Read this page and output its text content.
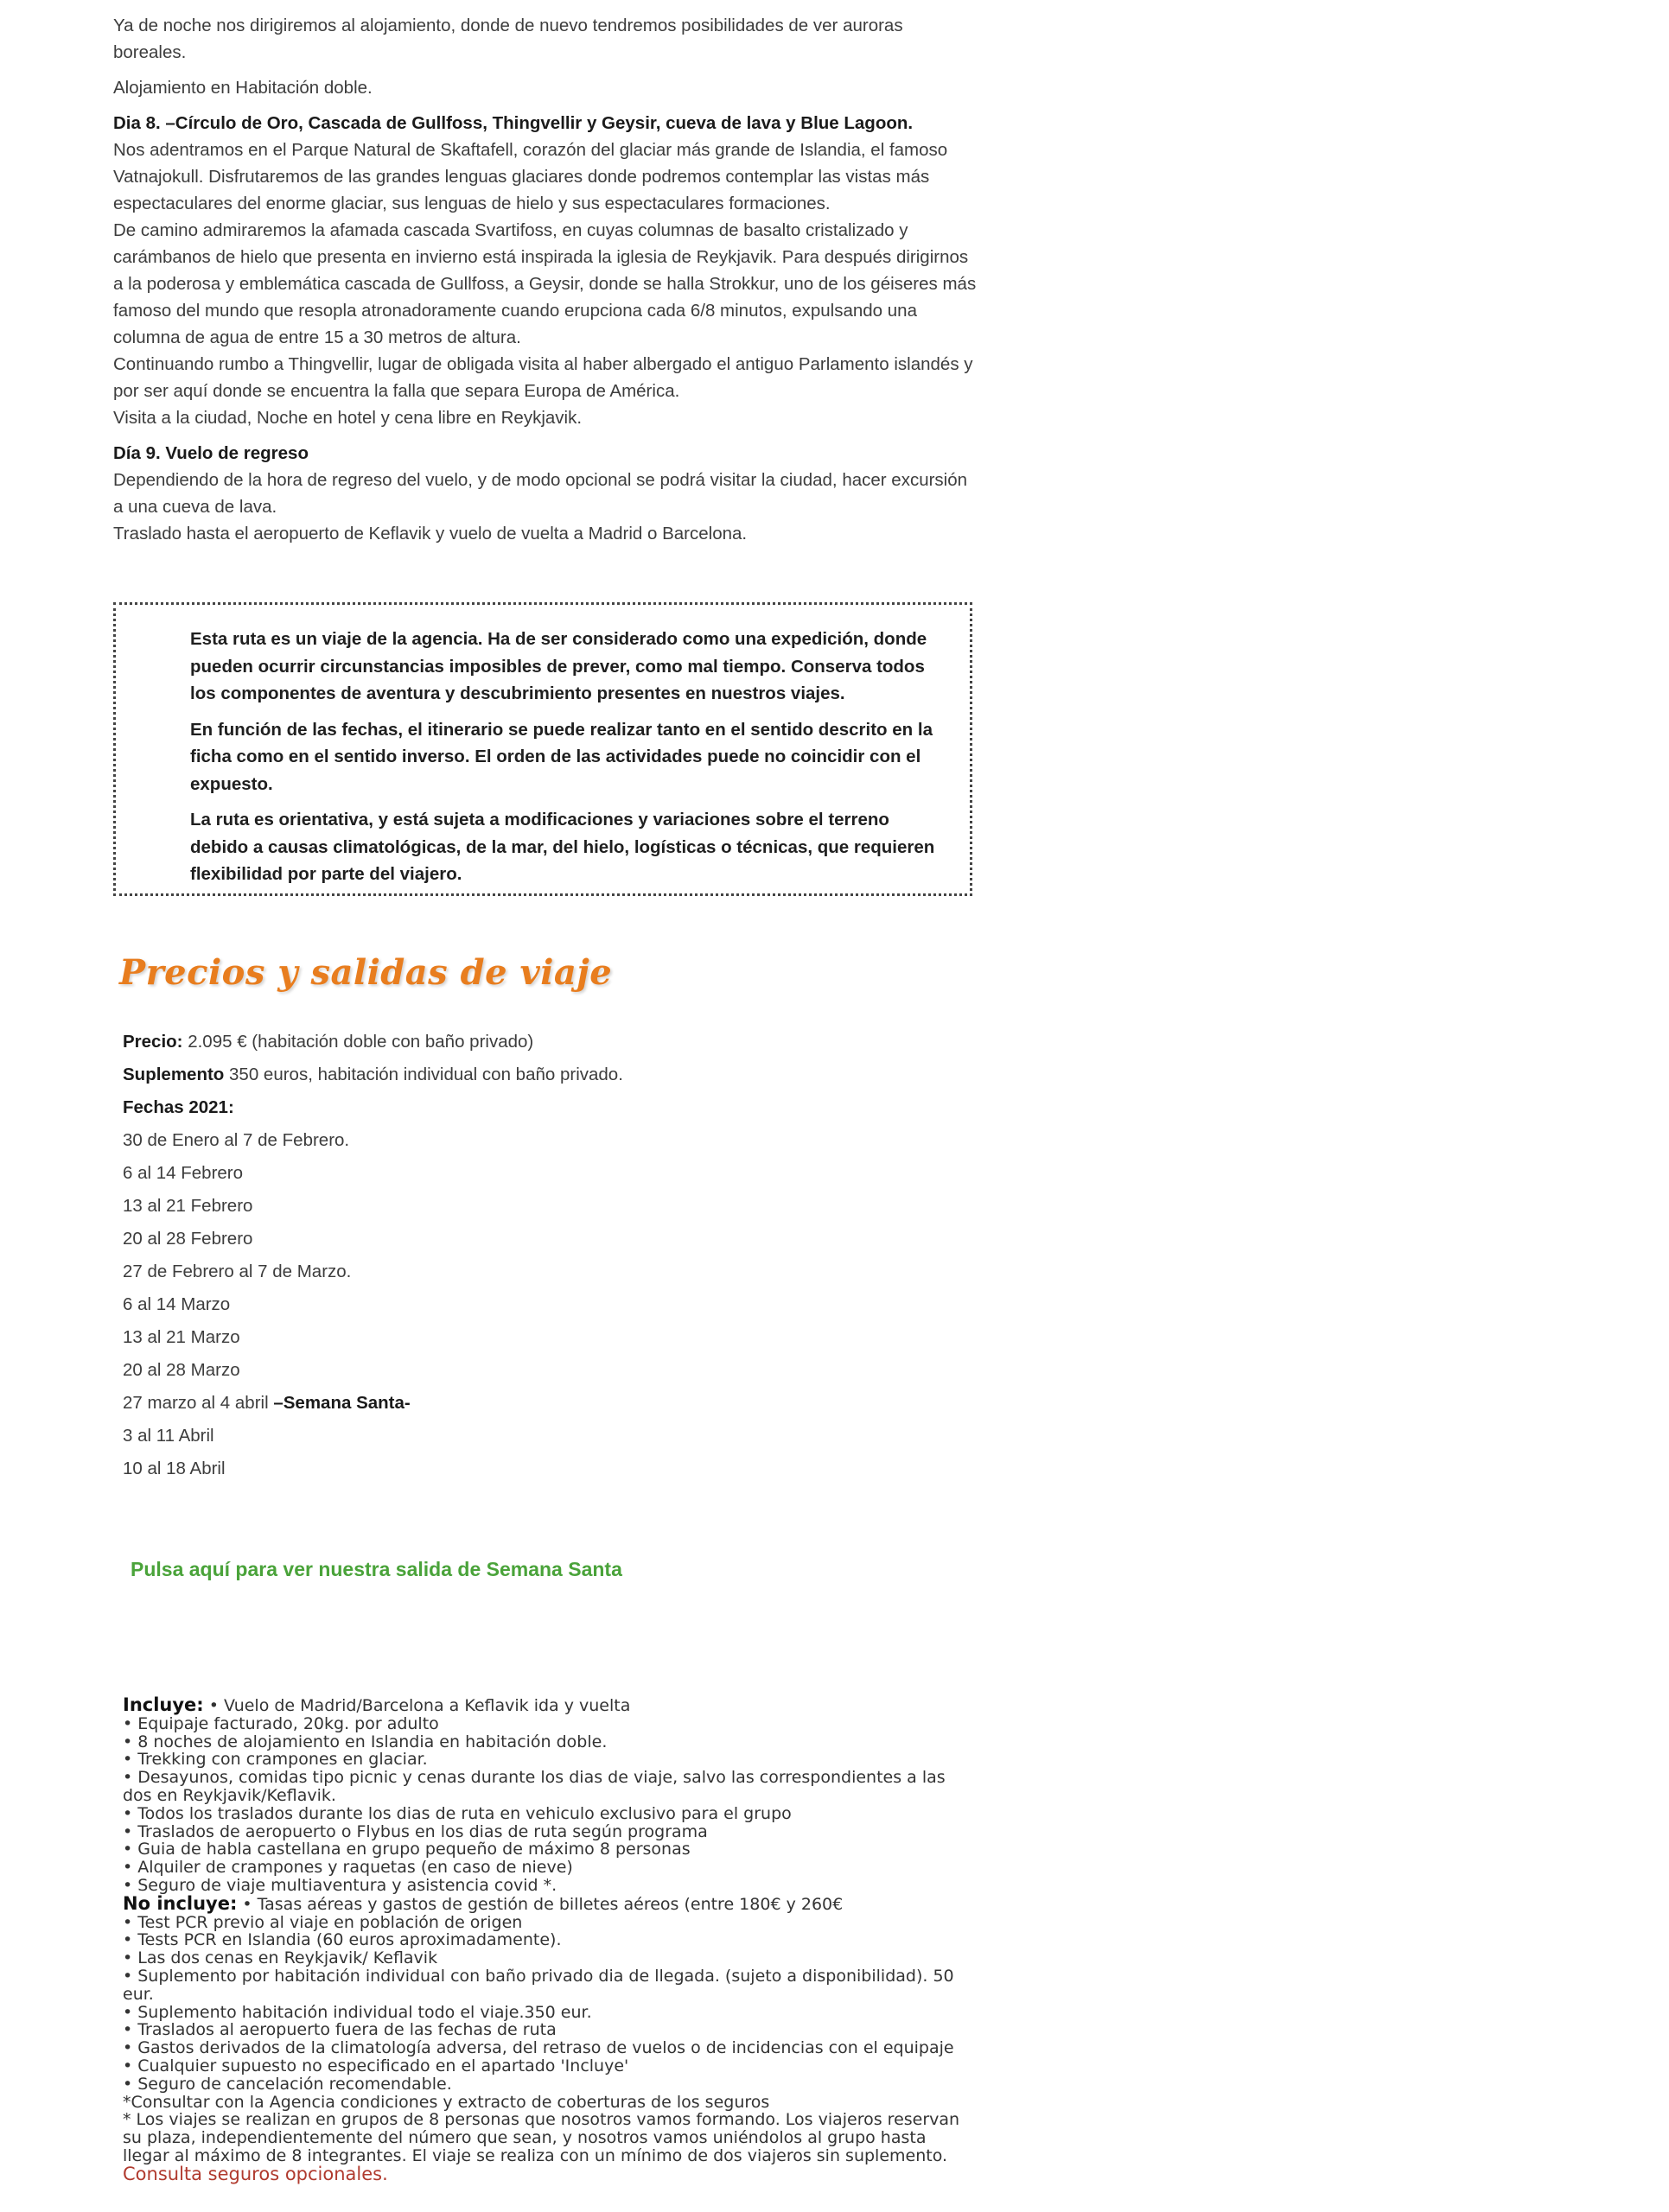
Ya de noche nos dirigiremos al alojamiento, donde de nuevo tendremos posibilidades de ver auroras boreales.

Alojamiento en Habitación doble.

Dia 8. –Círculo de Oro, Cascada de Gullfoss, Thingvellir y Geysir, cueva de lava y Blue Lagoon.
Nos adentramos en el Parque Natural de Skaftafell, corazón del glaciar más grande de Islandia, el famoso Vatnajokull. Disfrutaremos de las grandes lenguas glaciares donde podremos contemplar las vistas más espectaculares del enorme glaciar, sus lenguas de hielo y sus espectaculares formaciones.
De camino admiraremos la afamada cascada Svartifoss, en cuyas columnas de basalto cristalizado y carámbanos de hielo que presenta en invierno está inspirada la iglesia de Reykjavik. Para después dirigirnos a la poderosa y emblemática cascada de Gullfoss, a Geysir, donde se halla Strokkur, uno de los géiseres más famoso del mundo que resopla atronadoramente cuando erupciona cada 6/8 minutos, expulsando una columna de agua de entre 15 a 30 metros de altura.
Continuando rumbo a Thingvellir, lugar de obligada visita al haber albergado el antiguo Parlamento islandés y por ser aquí donde se encuentra la falla que separa Europa de América.
Visita a la ciudad, Noche en hotel y cena libre en Reykjavik.
Día 9. Vuelo de regreso
Dependiendo de la hora de regreso del vuelo, y de modo opcional se podrá visitar la ciudad, hacer excursión a una cueva de lava.
Traslado hasta el aeropuerto de Keflavik y vuelo de vuelta a Madrid o Barcelona.

Esta ruta es un viaje de la agencia. Ha de ser considerado como una expedición, donde pueden ocurrir circunstancias imposibles de prever, como mal tiempo. Conserva todos los componentes de aventura y descubrimiento presentes en nuestros viajes.

En función de las fechas, el itinerario se puede realizar tanto en el sentido descrito en la ficha como en el sentido inverso. El orden de las actividades puede no coincidir con el expuesto.

La ruta es orientativa, y está sujeta a modificaciones y variaciones sobre el terreno debido a causas climatológicas, de la mar, del hielo, logísticas o técnicas, que requieren flexibilidad por parte del viajero.

Precios y salidas de viaje
Precio: 2.095 € (habitación doble con baño privado)
Suplemento 350 euros, habitación individual con baño privado.
Fechas 2021:
30 de Enero al 7 de Febrero.
6 al 14 Febrero
13 al 21 Febrero
20 al 28 Febrero
27 de Febrero al 7 de Marzo.
6 al 14 Marzo
13 al 21 Marzo
20 al 28 Marzo
27 marzo al 4 abril –Semana Santa-
3 al 11 Abril
10 al 18 Abril
Pulsa aquí para ver nuestra salida de Semana Santa
Incluye: • Vuelo de Madrid/Barcelona a Keflavik ida y vuelta
• Equipaje facturado, 20kg. por adulto
• 8 noches de alojamiento en Islandia en habitación doble.
• Trekking con crampones en glaciar.
• Desayunos, comidas tipo picnic y cenas durante los dias de viaje, salvo las correspondientes a las dos en Reykjavik/Keflavik.
• Todos los traslados durante los dias de ruta en vehiculo exclusivo para el grupo
• Traslados de aeropuerto o Flybus en los dias de ruta según programa
• Guia de habla castellana en grupo pequeño de máximo 8 personas
• Alquiler de crampones y raquetas (en caso de nieve)
• Seguro de viaje multiaventura y asistencia covid *.
No incluye: • Tasas aéreas y gastos de gestión de billetes aéreos (entre 180€ y 260€
• Test PCR previo al viaje en población de origen
• Tests PCR en Islandia (60 euros aproximadamente).
• Las dos cenas en Reykjavik/ Keflavik
• Suplemento por habitación individual con baño privado dia de llegada. (sujeto a disponibilidad). 50 eur.
• Suplemento habitación individual todo el viaje.350 eur.
• Traslados al aeropuerto fuera de las fechas de ruta
• Gastos derivados de la climatología adversa, del retraso de vuelos o de incidencias con el equipaje
• Cualquier supuesto no especificado en el apartado 'Incluye'
• Seguro de cancelación recomendable.
*Consultar con la Agencia condiciones y extracto de coberturas de los seguros
* Los viajes se realizan en grupos de 8 personas que nosotros vamos formando. Los viajeros reservan su plaza, independientemente del número que sean, y nosotros vamos uniéndolos al grupo hasta llegar al máximo de 8 integrantes. El viaje se realiza con un mínimo de dos viajeros sin suplemento.
Consulta seguros opcionales.
